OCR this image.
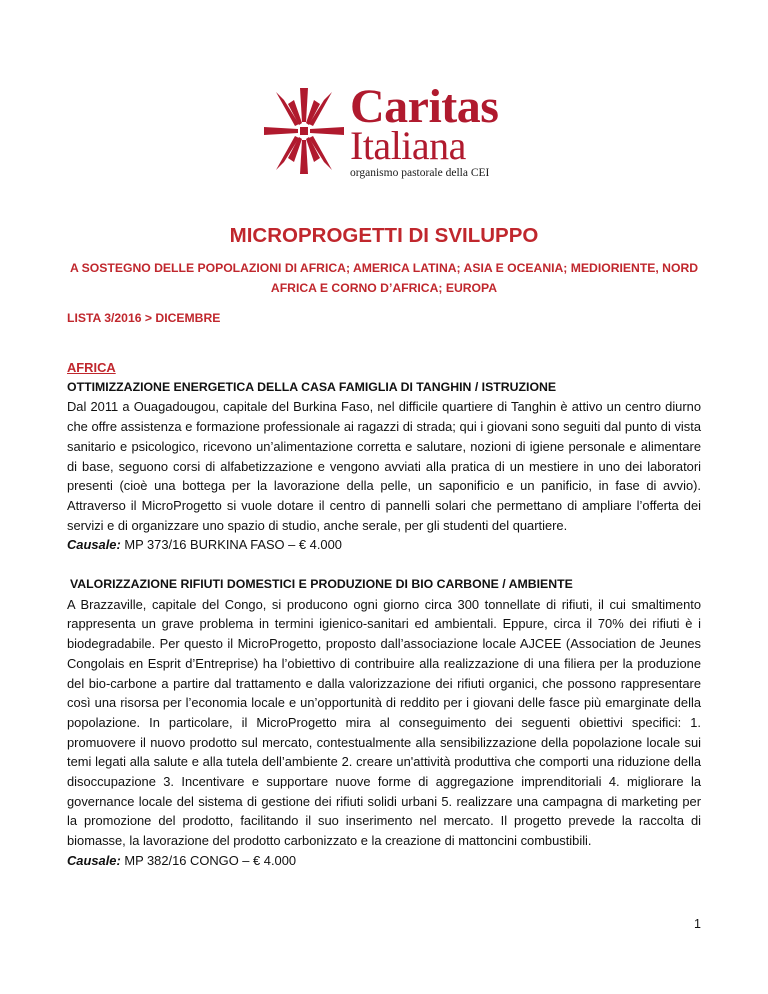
Caritas
Italiana
organismo pastorale della CEI
MICROPROGETTI DI SVILUPPO
A SOSTEGNO DELLE POPOLAZIONI DI AFRICA; AMERICA LATINA; ASIA E OCEANIA; MEDIORIENTE, NORD AFRICA E CORNO D’AFRICA; EUROPA
LISTA 3/2016 > DICEMBRE
AFRICA
OTTIMIZZAZIONE ENERGETICA DELLA CASA FAMIGLIA DI TANGHIN / ISTRUZIONE
Dal 2011 a Ouagadougou, capitale del Burkina Faso, nel difficile quartiere di Tanghin è attivo un centro diurno che offre assistenza e formazione professionale ai ragazzi di strada; qui i giovani sono seguiti dal punto di vista sanitario e psicologico, ricevono un’alimentazione corretta e salutare, nozioni di igiene personale e alimentare di base, seguono corsi di alfabetizzazione e vengono avviati alla pratica di un mestiere in uno dei laboratori presenti (cioè una bottega per la lavorazione della pelle, un saponificio e un panificio, in fase di avvio). Attraverso il MicroProgetto si vuole dotare il centro di pannelli solari che permettano di ampliare l’offerta dei servizi e di organizzare uno spazio di studio, anche serale, per gli studenti del quartiere.
Causale: MP 373/16 BURKINA FASO – € 4.000
VALORIZZAZIONE RIFIUTI DOMESTICI E PRODUZIONE DI BIO CARBONE / AMBIENTE
A Brazzaville, capitale del Congo, si producono ogni giorno circa 300 tonnellate di rifiuti, il cui smaltimento rappresenta un grave problema in termini igienico-sanitari ed ambientali. Eppure, circa il 70% dei rifiuti è i biodegradabile. Per questo il MicroProgetto, proposto dall’associazione locale AJCEE (Association de Jeunes Congolais en Esprit d’Entreprise) ha l’obiettivo di contribuire alla realizzazione di una filiera per la produzione del bio-carbone a partire dal trattamento e dalla valorizzazione dei rifiuti organici, che possono rappresentare così una risorsa per l’economia locale e un’opportunità di reddito per i giovani delle fasce più emarginate della popolazione. In particolare, il MicroProgetto mira al conseguimento dei seguenti obiettivi specifici: 1. promuovere il nuovo prodotto sul mercato, contestualmente alla sensibilizzazione della popolazione locale sui temi legati alla salute e alla tutela dell’ambiente 2. creare un'attività produttiva che comporti una riduzione della disoccupazione 3. Incentivare e supportare nuove forme di aggregazione imprenditoriali 4. migliorare la governance locale del sistema di gestione dei rifiuti solidi urbani 5. realizzare una campagna di marketing per la promozione del prodotto, facilitando il suo inserimento nel mercato. Il progetto prevede la raccolta di biomasse, la lavorazione del prodotto carbonizzato e la creazione di mattoncini combustibili.
Causale: MP 382/16 CONGO – € 4.000
1
